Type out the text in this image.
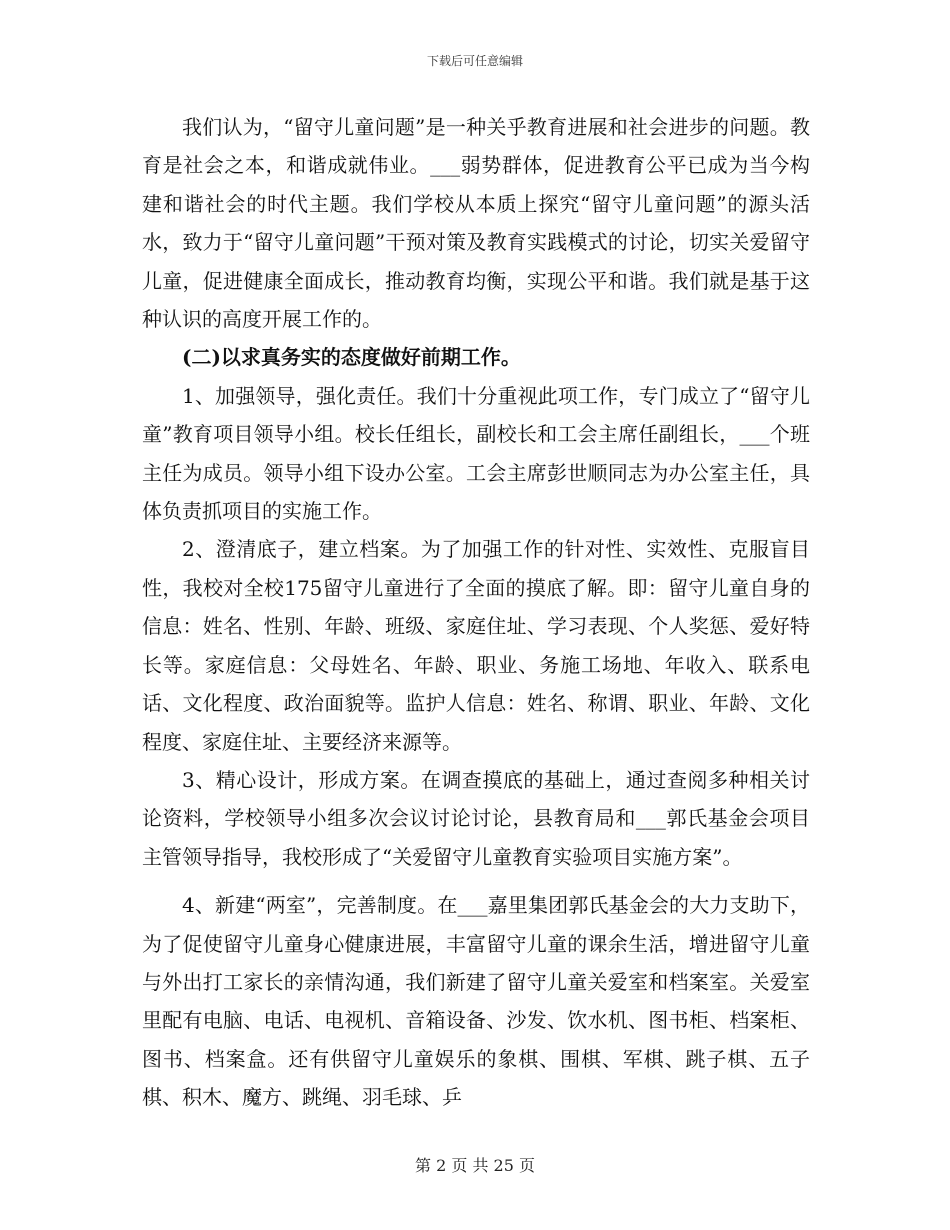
下载后可任意编辑

我们认为，“留守儿童问题”是一种关乎教育进展和社会进步的问题。教育是社会之本，和谐成就伟业。___弱势群体，促进教育公平已成为当今构建和谐社会的时代主题。我们学校从本质上探究“留守儿童问题”的源头活水，致力于“留守儿童问题”干预对策及教育实践模式的讨论，切实关爱留守儿童，促进健康全面成长，推动教育均衡，实现公平和谐。我们就是基于这种认识的高度开展工作的。

(二)以求真务实的态度做好前期工作。

1、加强领导，强化责任。我们十分重视此项工作，专门成立了“留守儿童”教育项目领导小组。校长任组长，副校长和工会主席任副组长，___个班主任为成员。领导小组下设办公室。工会主席彭世顺同志为办公室主任，具体负责抓项目的实施工作。

2、澄清底子，建立档案。为了加强工作的针对性、实效性、克服盲目性，我校对全校175留守儿童进行了全面的摸底了解。即：留守儿童自身的信息：姓名、性别、年龄、班级、家庭住址、学习表现、个人奖惩、爱好特长等。家庭信息：父母姓名、年龄、职业、务施工场地、年收入、联系电话、文化程度、政治面貌等。监护人信息：姓名、称谓、职业、年龄、文化程度、家庭住址、主要经济来源等。

3、精心设计，形成方案。在调查摸底的基础上，通过查阅多种相关讨论资料，学校领导小组多次会议讨论讨论，县教育局和___郭氏基金会项目主管领导指导，我校形成了“关爱留守儿童教育实验项目实施方案”。

4、新建“两室”，完善制度。在___嘉里集团郭氏基金会的大力支助下，为了促使留守儿童身心健康进展，丰富留守儿童的课余生活，增进留守儿童与外出打工家长的亲情沟通，我们新建了留守儿童关爱室和档案室。关爱室里配有电脑、电话、电视机、音箱设备、沙发、饮水机、图书柜、档案柜、图书、档案盒。还有供留守儿童娱乐的象棋、围棋、军棋、跳子棋、五子棋、积木、魔方、跳绳、羽毛球、乒

第 2 页 共 25 页
